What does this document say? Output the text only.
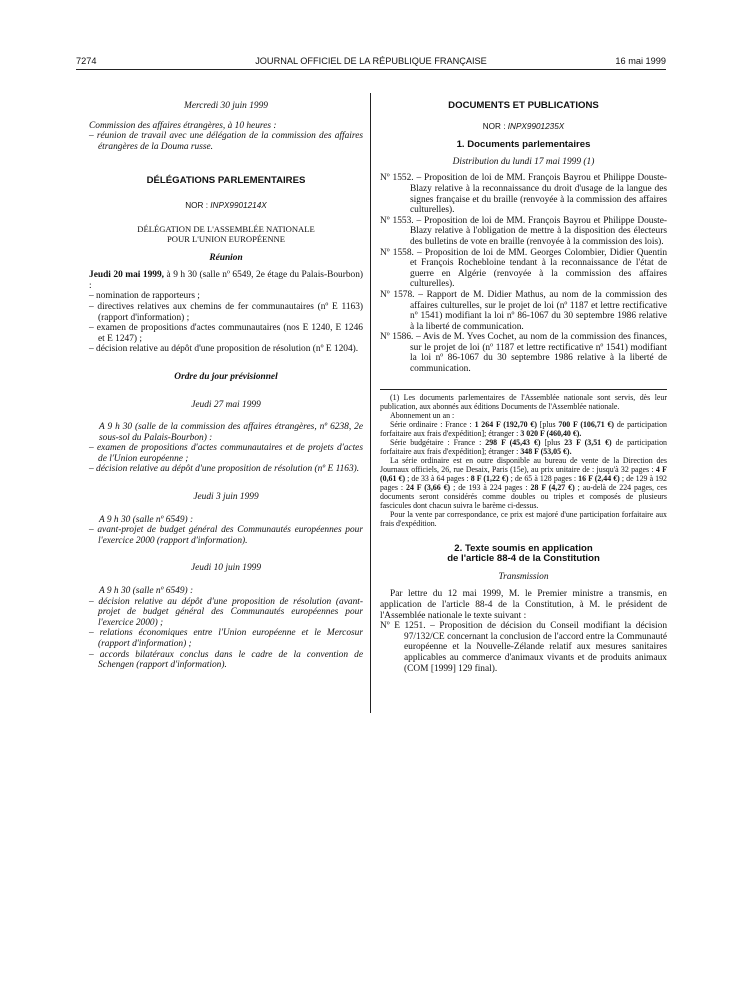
7274	JOURNAL OFFICIEL DE LA RÉPUBLIQUE FRANÇAISE	16 mai 1999

Mercredi 30 juin 1999

Commission des affaires étrangères, à 10 heures :

– réunion de travail avec une délégation de la commission des affaires étrangères de la Douma russe.

DÉLÉGATIONS PARLEMENTAIRES

NOR : INPX9901214X

DÉLÉGATION DE L'ASSEMBLÉE NATIONALE

POUR L'UNION EUROPÉENNE

Réunion

Jeudi 20 mai 1999, à 9 h 30 (salle nº 6549, 2e étage du Palais-Bourbon) :

– nomination de rapporteurs ;

– directives relatives aux chemins de fer communautaires (nº E 1163) (rapport d'information) ;

– examen de propositions d'actes communautaires (nos E 1240, E 1246 et E 1247) ;

– décision relative au dépôt d'une proposition de résolution (nº E 1204).

Ordre du jour prévisionnel

Jeudi 27 mai 1999

A 9 h 30 (salle de la commission des affaires étrangères, nº 6238, 2e sous-sol du Palais-Bourbon) :

– examen de propositions d'actes communautaires et de projets d'actes de l'Union européenne ;

– décision relative au dépôt d'une proposition de résolution (nº E 1163).

Jeudi 3 juin 1999

A 9 h 30 (salle nº 6549) :

– avant-projet de budget général des Communautés européennes pour l'exercice 2000 (rapport d'information).

Jeudi 10 juin 1999

A 9 h 30 (salle nº 6549) :

– décision relative au dépôt d'une proposition de résolution (avant-projet de budget général des Communautés européennes pour l'exercice 2000) ;

– relations économiques entre l'Union européenne et le Mercosur (rapport d'information) ;

– accords bilatéraux conclus dans le cadre de la convention de Schengen (rapport d'information).

DOCUMENTS ET PUBLICATIONS

NOR : INPX9901235X

1. Documents parlementaires

Distribution du lundi 17 mai 1999 (1)

Nº 1552. – Proposition de loi de MM. François Bayrou et Philippe Douste-Blazy relative à la reconnaissance du droit d'usage de la langue des signes française et du braille (renvoyée à la commission des affaires culturelles).

Nº 1553. – Proposition de loi de MM. François Bayrou et Philippe Douste-Blazy relative à l'obligation de mettre à la disposition des électeurs des bulletins de vote en braille (renvoyée à la commission des lois).

Nº 1558. – Proposition de loi de MM. Georges Colombier, Didier Quentin et François Rochebloine tendant à la reconnaissance de l'état de guerre en Algérie (renvoyée à la commission des affaires culturelles).

Nº 1578. – Rapport de M. Didier Mathus, au nom de la commission des affaires culturelles, sur le projet de loi (nº 1187 et lettre rectificative nº 1541) modifiant la loi nº 86-1067 du 30 septembre 1986 relative à la liberté de communication.

Nº 1586. – Avis de M. Yves Cochet, au nom de la commission des finances, sur le projet de loi (nº 1187 et lettre rectificative nº 1541) modifiant la loi nº 86-1067 du 30 septembre 1986 relative à la liberté de communication.

(1) Les documents parlementaires de l'Assemblée nationale sont servis, dès leur publication, aux abonnés aux éditions Documents de l'Assemblée nationale.

Abonnement un an :

Série ordinaire : France : 1 264 F (192,70 €) [plus 700 F (106,71 €) de participation forfaitaire aux frais d'expédition]; étranger : 3 020 F (460,40 €).

Série budgétaire : France : 298 F (45,43 €) [plus 23 F (3,51 €) de participation forfaitaire aux frais d'expédition]; étranger : 348 F (53,05 €).

La série ordinaire est en outre disponible au bureau de vente de la Direction des Journaux officiels, 26, rue Desaix, Paris (15e), au prix unitaire de : jusqu'à 32 pages : 4 F (0,61 €) ; de 33 à 64 pages : 8 F (1,22 €) ; de 65 à 128 pages : 16 F (2,44 €) ; de 129 à 192 pages : 24 F (3,66 €) ; de 193 à 224 pages : 28 F (4,27 €) ; au-delà de 224 pages, ces documents seront considérés comme doubles ou triples et composés de plusieurs fascicules dont chacun suivra le barème ci-dessus.

Pour la vente par correspondance, ce prix est majoré d'une participation forfaitaire aux frais d'expédition.

2. Texte soumis en application

de l'article 88-4 de la Constitution

Transmission

Par lettre du 12 mai 1999, M. le Premier ministre a transmis, en application de l'article 88-4 de la Constitution, à M. le président de l'Assemblée nationale le texte suivant :

Nº E 1251. – Proposition de décision du Conseil modifiant la décision 97/132/CE concernant la conclusion de l'accord entre la Communauté européenne et la Nouvelle-Zélande relatif aux mesures sanitaires applicables au commerce d'animaux vivants et de produits animaux (COM [1999] 129 final).
